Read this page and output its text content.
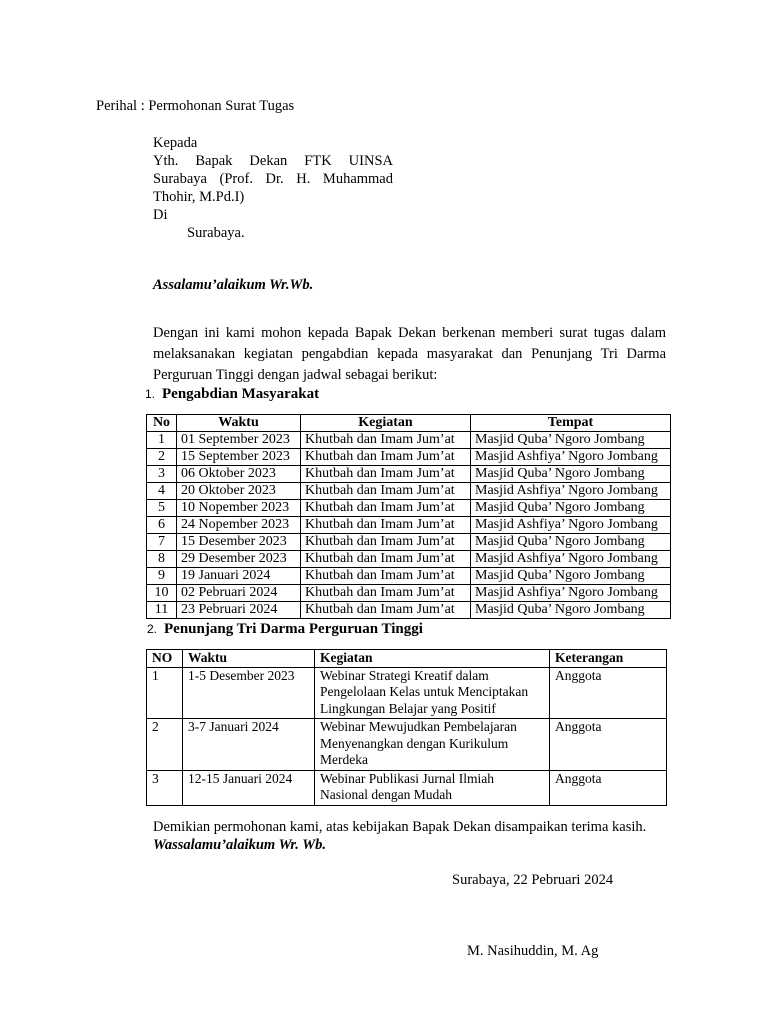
Perihal : Permohonan Surat Tugas
Kepada
Yth. Bapak Dekan FTK UINSA
Surabaya (Prof. Dr. H. Muhammad
Thohir, M.Pd.I)
Di
Surabaya.
Assalamu’alaikum Wr.Wb.
Dengan ini kami mohon kepada Bapak Dekan berkenan memberi surat tugas dalam melaksanakan kegiatan pengabdian kepada masyarakat dan Penunjang Tri Darma Perguruan Tinggi dengan jadwal sebagai berikut:
1. Pengabdian Masyarakat
No	Waktu	Kegiatan	Tempat
1	01 September 2023	Khutbah dan Imam Jum’at	Masjid Quba’ Ngoro Jombang
2	15 September 2023	Khutbah dan Imam Jum’at	Masjid Ashfiya’ Ngoro Jombang
3	06 Oktober 2023	Khutbah dan Imam Jum’at	Masjid Quba’ Ngoro Jombang
4	20 Oktober 2023	Khutbah dan Imam Jum’at	Masjid Ashfiya’ Ngoro Jombang
5	10 Nopember 2023	Khutbah dan Imam Jum’at	Masjid Quba’ Ngoro Jombang
6	24 Nopember 2023	Khutbah dan Imam Jum’at	Masjid Ashfiya’ Ngoro Jombang
7	15 Desember 2023	Khutbah dan Imam Jum’at	Masjid Quba’ Ngoro Jombang
8	29 Desember 2023	Khutbah dan Imam Jum’at	Masjid Ashfiya’ Ngoro Jombang
9	19 Januari 2024	Khutbah dan Imam Jum’at	Masjid Quba’ Ngoro Jombang
10	02 Pebruari 2024	Khutbah dan Imam Jum’at	Masjid Ashfiya’ Ngoro Jombang
11	23 Pebruari 2024	Khutbah dan Imam Jum’at	Masjid Quba’ Ngoro Jombang
2. Penunjang Tri Darma Perguruan Tinggi
NO	Waktu	Kegiatan	Keterangan
1	1-5 Desember 2023	Webinar Strategi Kreatif dalam Pengelolaan Kelas untuk Menciptakan Lingkungan Belajar yang Positif	Anggota
2	3-7 Januari 2024	Webinar Mewujudkan Pembelajaran Menyenangkan dengan Kurikulum Merdeka	Anggota
3	12-15 Januari 2024	Webinar Publikasi Jurnal Ilmiah Nasional dengan Mudah	Anggota
Demikian permohonan kami, atas kebijakan Bapak Dekan disampaikan terima kasih.
Wassalamu’alaikum Wr. Wb.
Surabaya, 22 Pebruari 2024
M. Nasihuddin, M. Ag
